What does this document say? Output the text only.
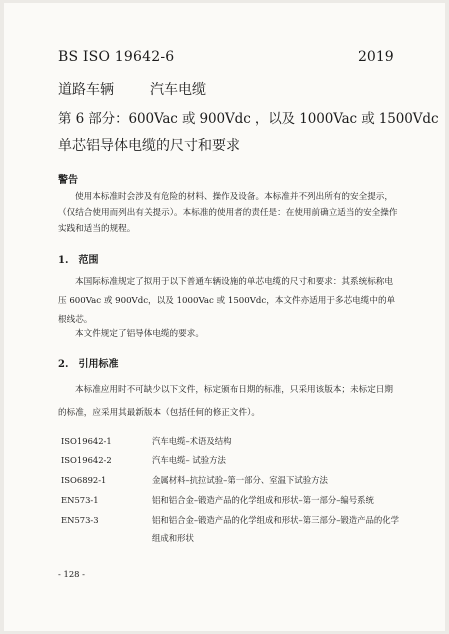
BS ISO 19642-6	2019
道路车辆	汽车电缆
第 6 部分：600Vac 或 900Vdc ，以及 1000Vac 或 1500Vdc
单芯铝导体电缆的尺寸和要求
警告
使用本标准时会涉及有危险的材料、操作及设备。本标准并不列出所有的安全提示，（仅结合使用而列出有关提示）。本标准的使用者的责任是：在使用前确立适当的安全操作实践和适当的规程。
1.　范围
本国际标准规定了拟用于以下普通车辆设施的单芯电缆的尺寸和要求：其系统标称电压 600Vac 或 900Vdc，以及 1000Vac 或 1500Vdc，本文件亦适用于多芯电缆中的单根线芯。
本文件规定了铝导体电缆的要求。
2.　引用标准
本标准应用时不可缺少以下文件，标定颁布日期的标准，只采用该版本；未标定日期的标准，应采用其最新版本（包括任何的修正文件）。
ISO19642-1	汽车电缆–术语及结构
ISO19642-2	汽车电缆– 试验方法
ISO6892-1	金属材料–抗拉试验–第一部分、室温下试验方法
EN573-1	铝和铝合金–锻造产品的化学组成和形状–第一部分–编号系统
EN573-3	铝和铝合金–锻造产品的化学组成和形状–第三部分–锻造产品的化学组成和形状
- 128 -
